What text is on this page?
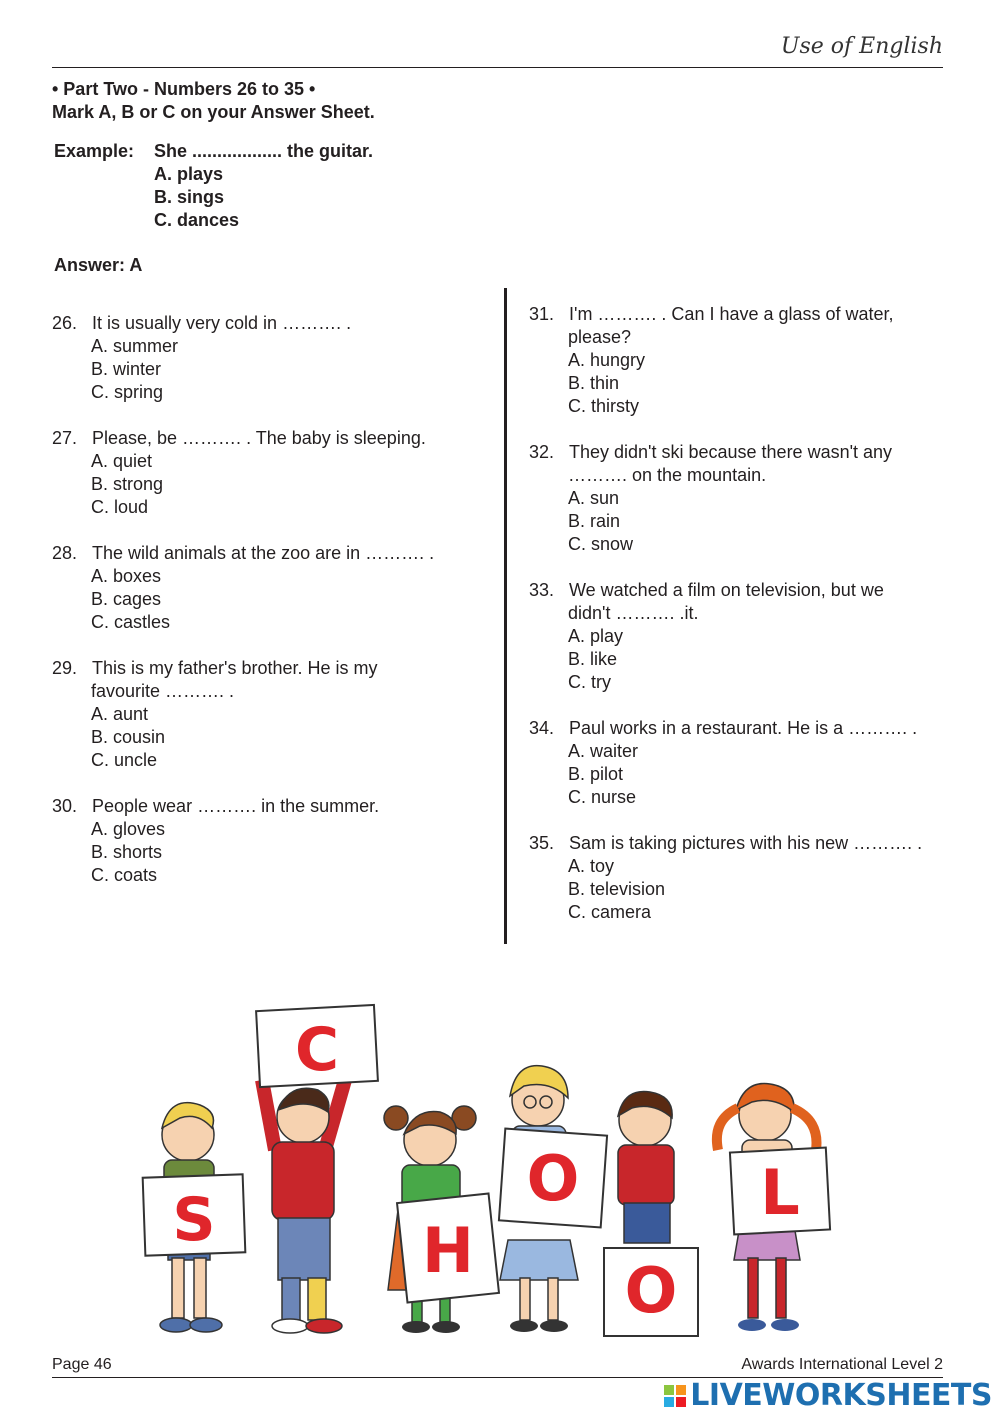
Use of English
• Part Two - Numbers 26 to 35 •
Mark A, B or C on your Answer Sheet.
Example:	She .................. the guitar.
A. plays
B. sings
C. dances
Answer: A
26. It is usually very cold in ………. .
A. summer
B. winter
C. spring
27. Please, be ………. . The baby is sleeping.
A. quiet
B. strong
C. loud
28. The wild animals at the zoo are in ………. .
A. boxes
B. cages
C. castles
29. This is my father's brother. He is my
favourite ………. .
A. aunt
B. cousin
C. uncle
30. People wear ………. in the summer.
A. gloves
B. shorts
C. coats
31. I'm ………. . Can I have a glass of water,
please?
A. hungry
B. thin
C. thirsty
32. They didn't ski because there wasn't any
………. on the mountain.
A. sun
B. rain
C. snow
33. We watched a film on television, but we
didn't ………. .it.
A. play
B. like
C. try
34. Paul works in a restaurant. He is a ………. .
A. waiter
B. pilot
C. nurse
35. Sam is taking pictures with his new ………. .
A. toy
B. television
C. camera
C
S	H
O
O
L
Page 46	Awards International Level 2
LIVEWORKSHEETS
